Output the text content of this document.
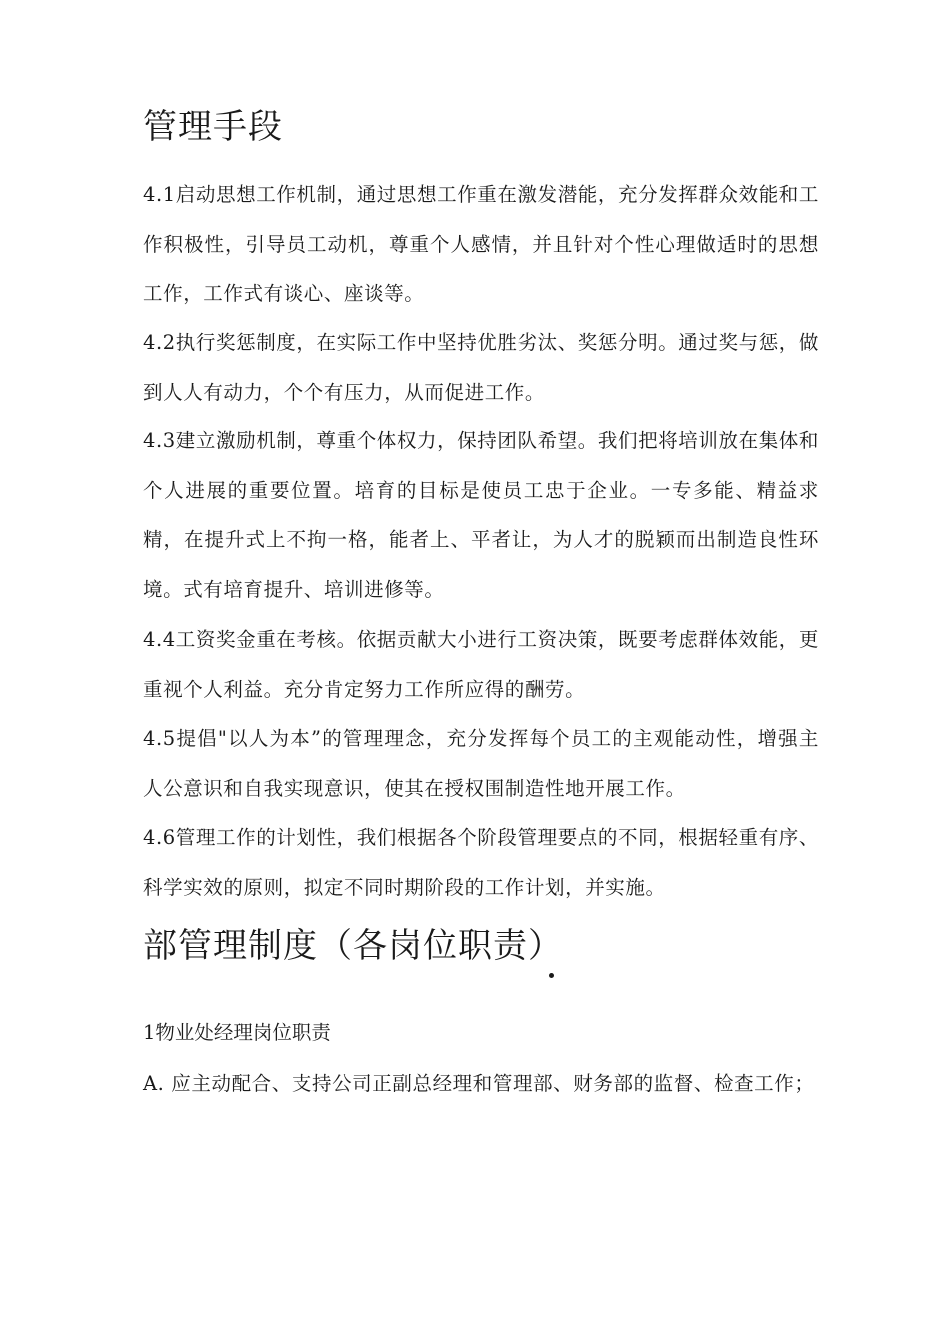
管理手段

4.1启动思想工作机制，通过思想工作重在激发潜能，充分发挥群众效能和工作积极性，引导员工动机，尊重个人感情，并且针对个性心理做适时的思想工作，工作式有谈心、座谈等。

4.2执行奖惩制度，在实际工作中坚持优胜劣汰、奖惩分明。通过奖与惩，做到人人有动力，个个有压力，从而促进工作。

4.3建立激励机制，尊重个体权力，保持团队希望。我们把将培训放在集体和个人进展的重要位置。培育的目标是使员工忠于企业。一专多能、精益求精，在提升式上不拘一格，能者上、平者让，为人才的脱颖而出制造良性环境。式有培育提升、培训进修等。

4.4工资奖金重在考核。依据贡献大小进行工资决策，既要考虑群体效能，更重视个人利益。充分肯定努力工作所应得的酬劳。

4.5提倡"以人为本”的管理理念，充分发挥每个员工的主观能动性，增强主人公意识和自我实现意识，使其在授权围制造性地开展工作。

4.6管理工作的计划性，我们根据各个阶段管理要点的不同，根据轻重有序、科学实效的原则，拟定不同时期阶段的工作计划，并实施。

部管理制度（各岗位职责）

1物业处经理岗位职责

A. 应主动配合、支持公司正副总经理和管理部、财务部的监督、检查工作；
